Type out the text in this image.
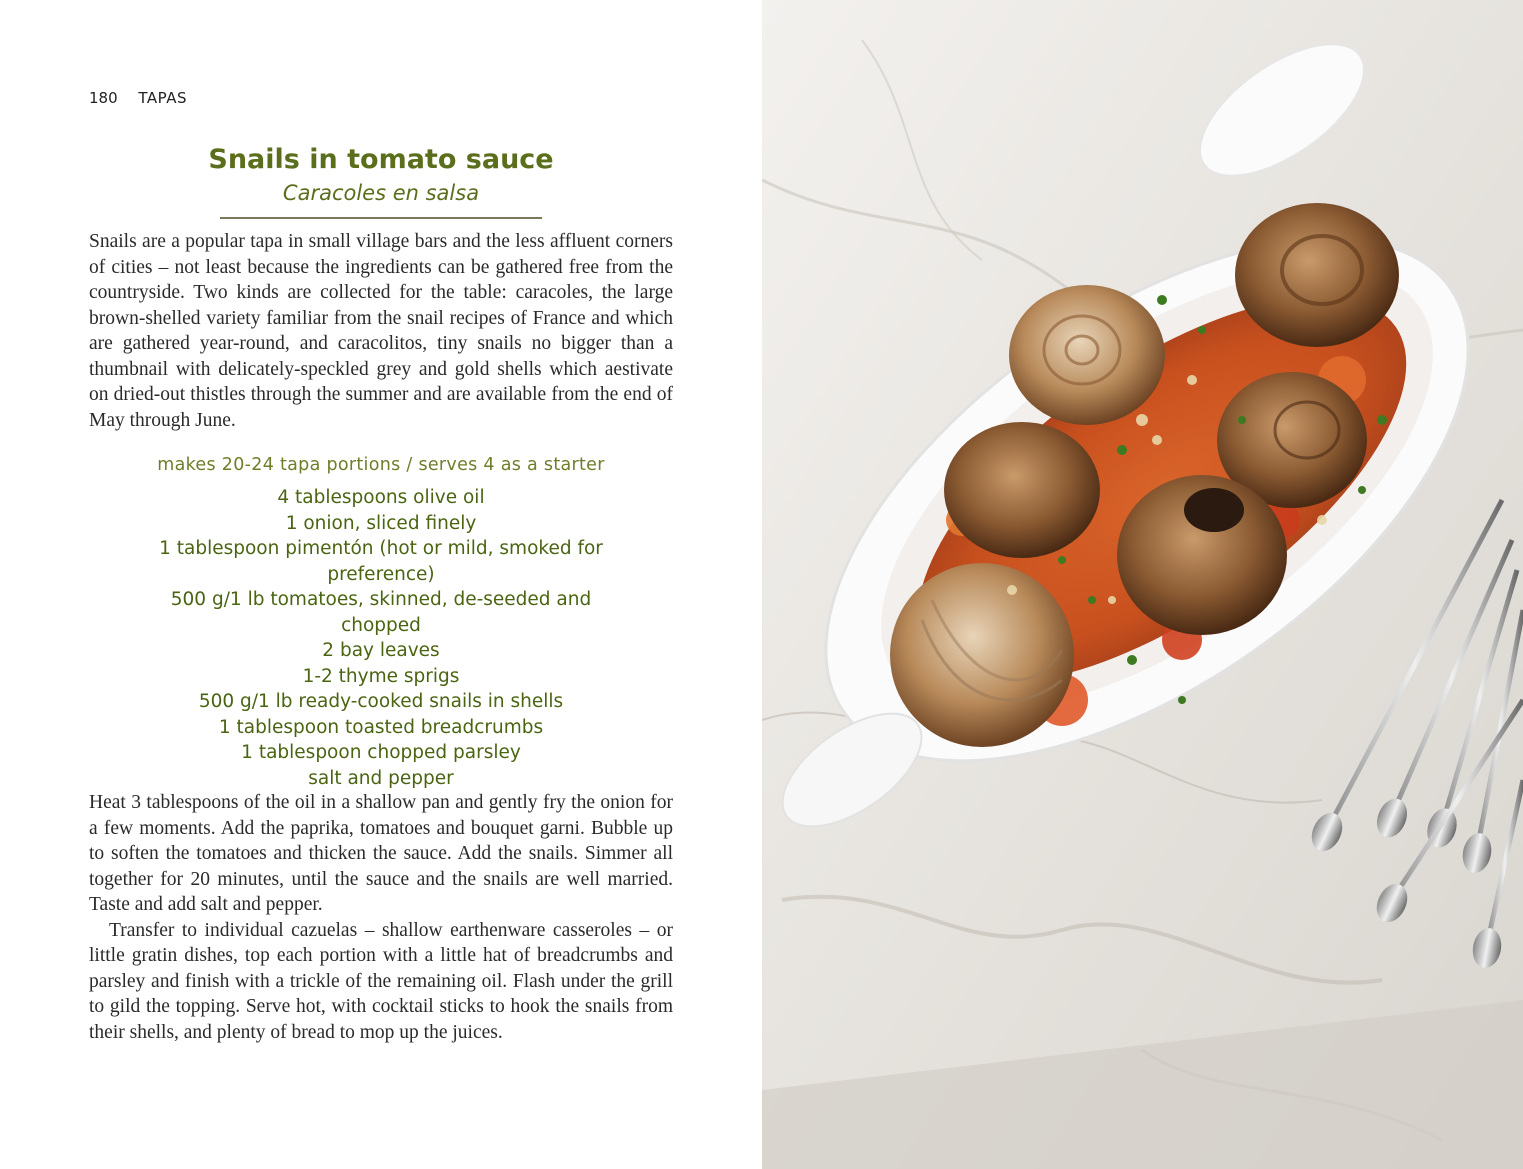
180 TAPAS
Snails in tomato sauce

Caracoles en salsa

Snails are a popular tapa in small village bars and the less affluent corners of cities – not least because the ingredients can be gathered free from the countryside. Two kinds are collected for the table: caracoles, the large brown-shelled variety familiar from the snail recipes of France and which are gathered year-round, and caracolitos, tiny snails no bigger than a thumbnail with delicately-speckled grey and gold shells which aestivate on dried-out thistles through the summer and are available from the end of May through June.
makes 20-24 tapa portions / serves 4 as a starter
4 tablespoons olive oil
1 onion, sliced finely
1 tablespoon pimentón (hot or mild, smoked for preference)
500 g/1 lb tomatoes, skinned, de-seeded and chopped
2 bay leaves
1-2 thyme sprigs
500 g/1 lb ready-cooked snails in shells
1 tablespoon toasted breadcrumbs
1 tablespoon chopped parsley
salt and pepper

Heat 3 tablespoons of the oil in a shallow pan and gently fry the onion for a few moments. Add the paprika, tomatoes and bouquet garni. Bubble up to soften the tomatoes and thicken the sauce. Add the snails. Simmer all together for 20 minutes, until the sauce and the snails are well married. Taste and add salt and pepper.

Transfer to individual cazuelas – shallow earthenware casseroles – or little gratin dishes, top each portion with a little hat of breadcrumbs and parsley and finish with a trickle of the remaining oil. Flash under the grill to gild the topping. Serve hot, with cocktail sticks to hook the snails from their shells, and plenty of bread to mop up the juices.
